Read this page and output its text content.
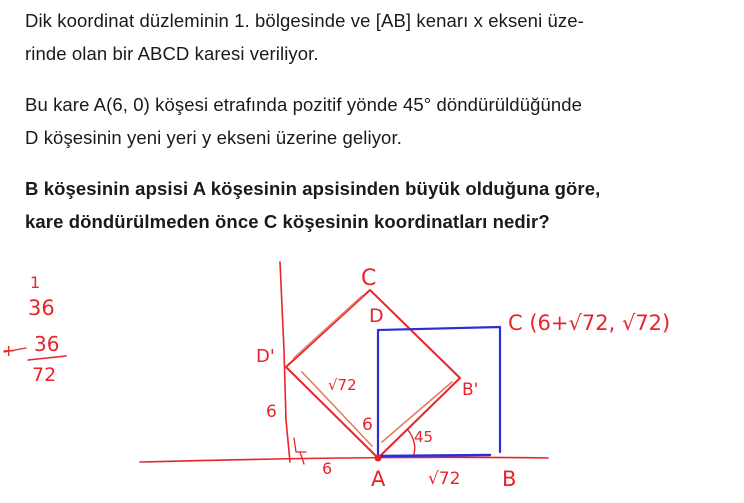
Dik koordinat düzleminin 1. bölgesinde ve [AB] kenarı x ekseni üze-
rinde olan bir ABCD karesi veriliyor.
Bu kare A(6, 0) köşesi etrafında pozitif yönde 45° döndürüldüğünde
D köşesinin yeni yeri y ekseni üzerine geliyor.
B köşesinin apsisi A köşesinin apsisinden büyük olduğuna göre,
kare döndürülmeden önce C köşesinin koordinatları nedir?
1
36
36
+
72
C
D
D'
B'
C (6+√72, √72)
√72
√72
6
6
6
45
A	B
